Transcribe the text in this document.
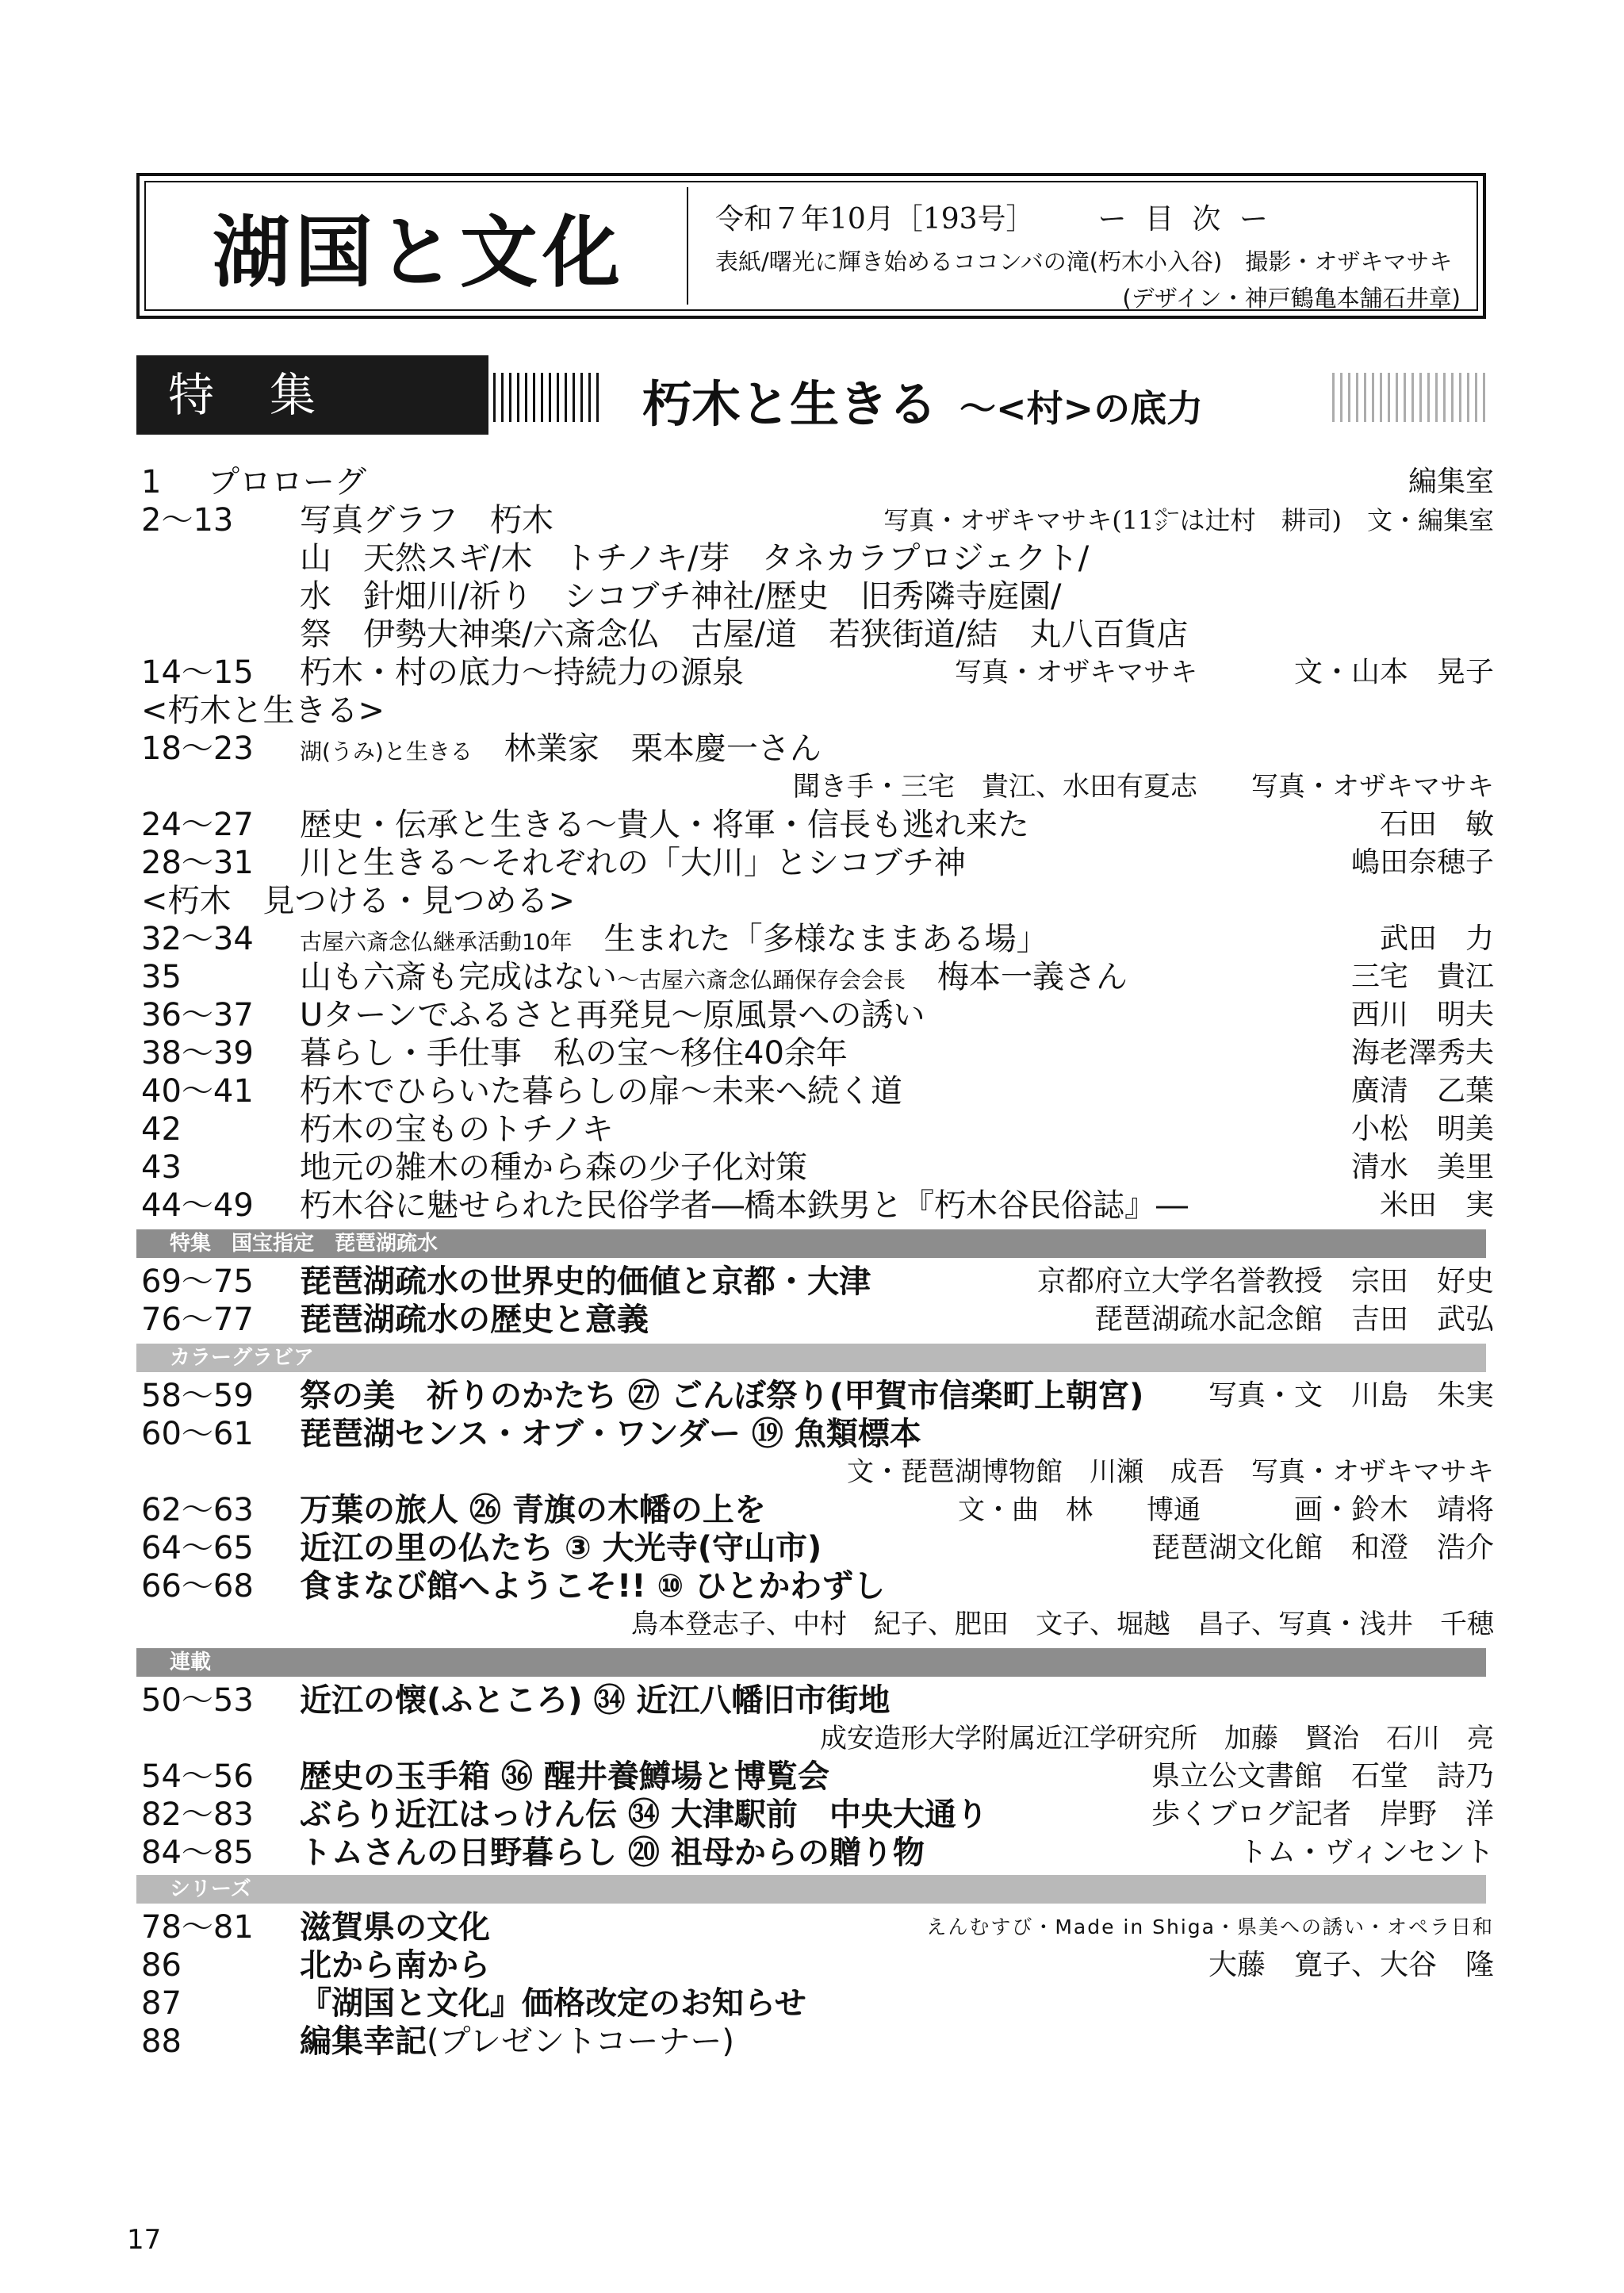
湖国と文化	令和７年10月［193号］ ー 目 次 ー
表紙/曙光に輝き始めるココンバの滝(朽木小入谷)　撮影・オザキマサキ
(デザイン・神戸鶴亀本舗石井章)
特集	朽木と生きる ～<村>の底力
1 プロローグ	編集室
2～13 写真グラフ　朽木	写真・オザキマサキ(11㌻は辻村　耕司)　文・編集室
山　天然スギ/木　トチノキ/芽　タネカラプロジェクト/
水　針畑川/祈り　シコブチ神社/歴史　旧秀隣寺庭園/
祭　伊勢大神楽/六斎念仏　古屋/道　若狭街道/結　丸八百貨店
14～15 朽木・村の底力～持続力の源泉	写真・オザキマサキ	文・山本　晃子
<朽木と生きる>
18～23 湖(うみ)と生きる　 林業家　栗本慶一さん
聞き手・三宅　貴江、水田有夏志　　写真・オザキマサキ
24～27 歴史・伝承と生きる～貴人・将軍・信長も逃れ来た	石田　敏
28～31 川と生きる～それぞれの「大川」とシコブチ神	嶋田奈穂子
<朽木　見つける・見つめる>
32～34 古屋六斎念仏継承活動10年　 生まれた「多様なままある場」	武田　力
35	山も六斎も完成はない～古屋六斎念仏踊保存会会長　 梅本一義さん	三宅　貴江
36～37 Uターンでふるさと再発見～原風景への誘い	西川　明夫
38～39 暮らし・手仕事　私の宝～移住40余年	海老澤秀夫
40～41 朽木でひらいた暮らしの扉～未来へ続く道	廣清　乙葉
42	朽木の宝ものトチノキ	小松　明美
43	地元の雑木の種から森の少子化対策	清水　美里
44～49 朽木谷に魅せられた民俗学者―橋本鉄男と『朽木谷民俗誌』―	米田　実
特集　国宝指定　琵琶湖疏水
69～75 琵琶湖疏水の世界史的価値と京都・大津	京都府立大学名誉教授　宗田　好史
76～77 琵琶湖疏水の歴史と意義	琵琶湖疏水記念館　吉田　武弘
カラーグラビア
58～59 祭の美　祈りのかたち ㉗ ごんぼ祭り(甲賀市信楽町上朝宮) 写真・文　川島　朱実
60～61 琵琶湖センス・オブ・ワンダー ⑲ 魚類標本
文・琵琶湖博物館　川瀬　成吾　写真・オザキマサキ
62～63 万葉の旅人 ㉖ 青旗の木幡の上を	文・曲　林　　博通	画・鈴木　靖将
64～65 近江の里の仏たち ③ 大光寺(守山市)	琵琶湖文化館　和澄　浩介
66～68 食まなび館へようこそ!! ⑩ ひとかわずし
鳥本登志子、中村　紀子、肥田　文子、堀越　昌子、写真・浅井　千穂
連載
50～53 近江の懐(ふところ) ㉞ 近江八幡旧市街地
成安造形大学附属近江学研究所　加藤　賢治　石川　亮
54～56 歴史の玉手箱 ㊱ 醒井養鱒場と博覧会	県立公文書館　石堂　詩乃
82～83 ぶらり近江はっけん伝 ㉞ 大津駅前　中央大通り	歩くブログ記者　岸野　洋
84～85 トムさんの日野暮らし ⑳ 祖母からの贈り物	トム・ヴィンセント
シリーズ
78～81 滋賀県の文化	えんむすび・Made in Shiga・県美への誘い・オペラ日和
86	北から南から	大藤　寛子、大谷　隆
87	『湖国と文化』価格改定のお知らせ
88	編集幸記(プレゼントコーナー)
17
